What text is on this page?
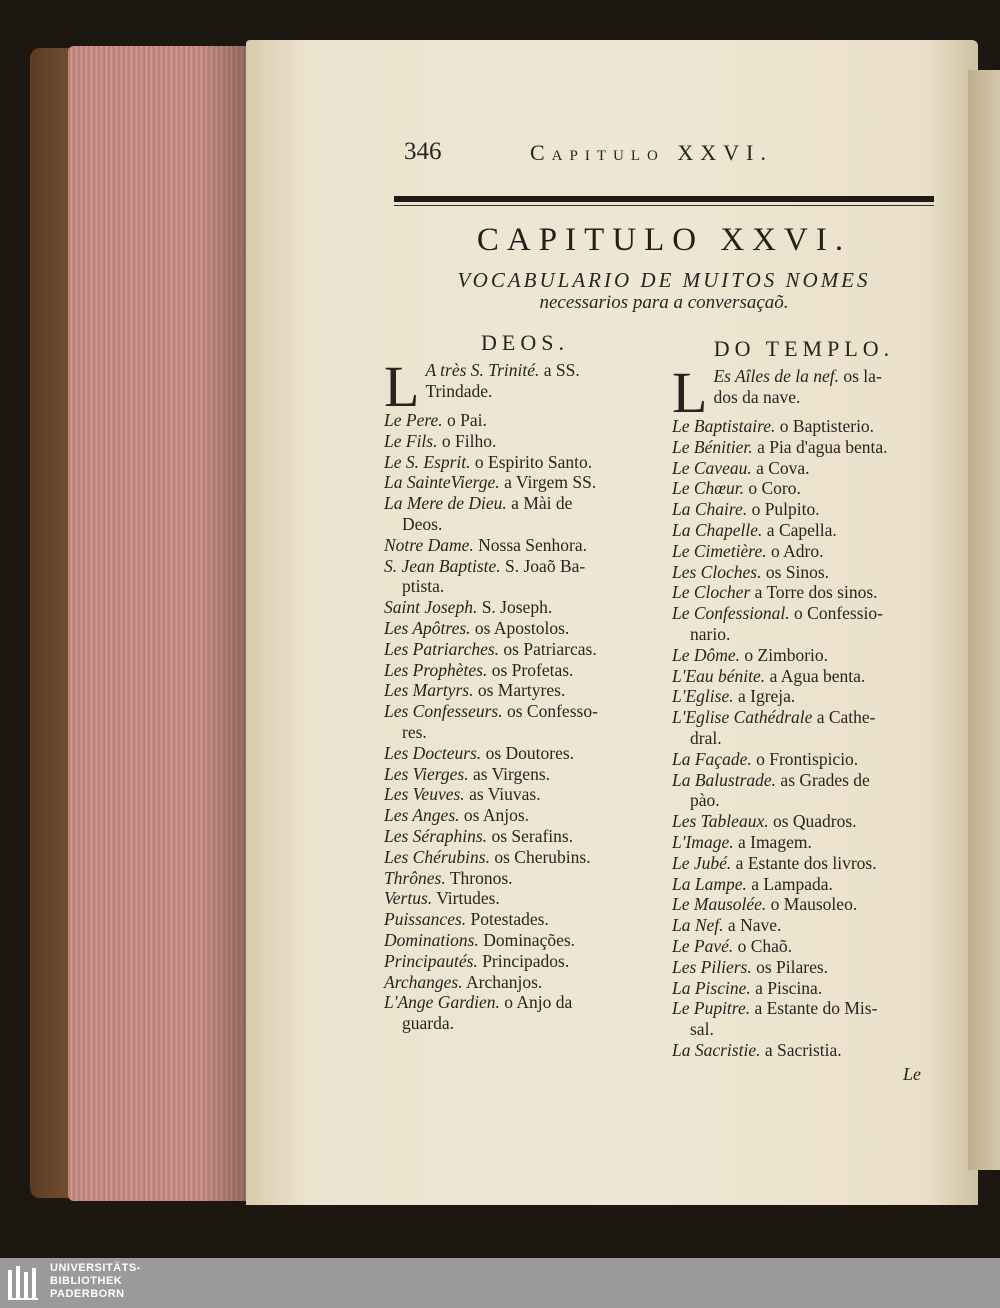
346	Capitulo XXVI.
CAPITULO XXVI.
VOCABULARIO DE MUITOS NOMES
necessarios para a conversaçaõ.
DEOS.
L A très S. Trinité. a SS.
Trindade.
Le Pere. o Pai.
Le Fils. o Filho.
Le S. Esprit. o Espirito Santo.
La SainteVierge. a Virgem SS.
La Mere de Dieu. a Mài de
Deos.
Notre Dame. Nossa Senhora.
S. Jean Baptiste. S. Joaõ Ba-
ptista.
Saint Joseph. S. Joseph.
Les Apôtres. os Apostolos.
Les Patriarches. os Patriarcas.
Les Prophètes. os Profetas.
Les Martyrs. os Martyres.
Les Confesseurs. os Confesso-
res.
Les Docteurs. os Doutores.
Les Vierges. as Virgens.
Les Veuves. as Viuvas.
Les Anges. os Anjos.
Les Séraphins. os Serafins.
Les Chérubins. os Cherubins.
Thrônes. Thronos.
Vertus. Virtudes.
Puissances. Potestades.
Dominations. Dominações.
Principautés. Principados.
Archanges. Archanjos.
L'Ange Gardien. o Anjo da
guarda.
DO TEMPLO.
L Es Aîles de la nef. os la-
dos da nave.
Le Baptistaire. o Baptisterio.
Le Bénitier. a Pia d'agua benta.
Le Caveau. a Cova.
Le Chœur. o Coro.
La Chaire. o Pulpito.
La Chapelle. a Capella.
Le Cimetière. o Adro.
Les Cloches. os Sinos.
Le Clocher a Torre dos sinos.
Le Confessional. o Confessio-
nario.
Le Dôme. o Zimborio.
L'Eau bénite. a Agua benta.
L'Eglise. a Igreja.
L'Eglise Cathédrale a Cathe-
dral.
La Façade. o Frontispicio.
La Balustrade. as Grades de
pào.
Les Tableaux. os Quadros.
L'Image. a Imagem.
Le Jubé. a Estante dos livros.
La Lampe. a Lampada.
Le Mausolée. o Mausoleo.
La Nef. a Nave.
Le Pavé. o Chaõ.
Les Piliers. os Pilares.
La Piscine. a Piscina.
Le Pupitre. a Estante do Mis-
sal.
La Sacristie. a Sacristia.
Le
UNIVERSITÄTS-
BIBLIOTHEK
PADERBORN
